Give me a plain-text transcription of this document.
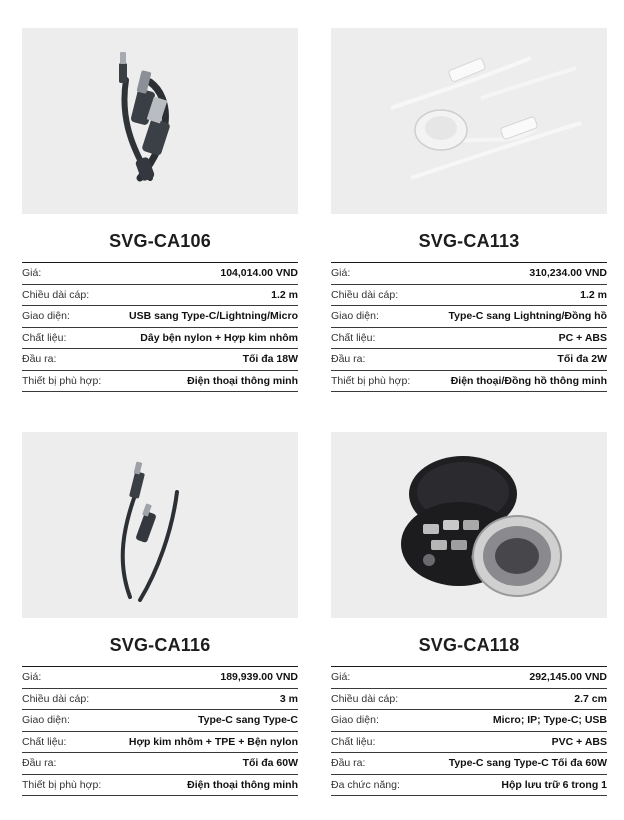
SVG-CA106
Giá:	104,014.00 VND
Chiều dài cáp:	1.2 m
Giao diện:	USB sang Type-C/Lightning/Micro
Chất liệu:	Dây bện nylon + Hợp kim nhôm
Đầu ra:	Tối đa 18W
Thiết bị phù hợp:	Điện thoại thông minh
SVG-CA113
Giá:	310,234.00 VND
Chiều dài cáp:	1.2 m
Giao diện:	Type-C sang Lightning/Đồng hồ
Chất liệu:	PC + ABS
Đầu ra:	Tối đa 2W
Thiết bị phù hợp:	Điện thoại/Đồng hồ thông minh
SVG-CA116
Giá:	189,939.00 VND
Chiều dài cáp:	3 m
Giao diện:	Type-C sang Type-C
Chất liệu:	Hợp kim nhôm + TPE + Bện nylon
Đầu ra:	Tối đa 60W
Thiết bị phù hợp:	Điện thoại thông minh
SVG-CA118
Giá:	292,145.00 VND
Chiều dài cáp:	2.7 cm
Giao diện:	Micro; IP; Type-C; USB
Chất liệu:	PVC + ABS
Đầu ra:	Type-C sang Type-C Tối đa 60W
Đa chức năng:	Hộp lưu trữ 6 trong 1
